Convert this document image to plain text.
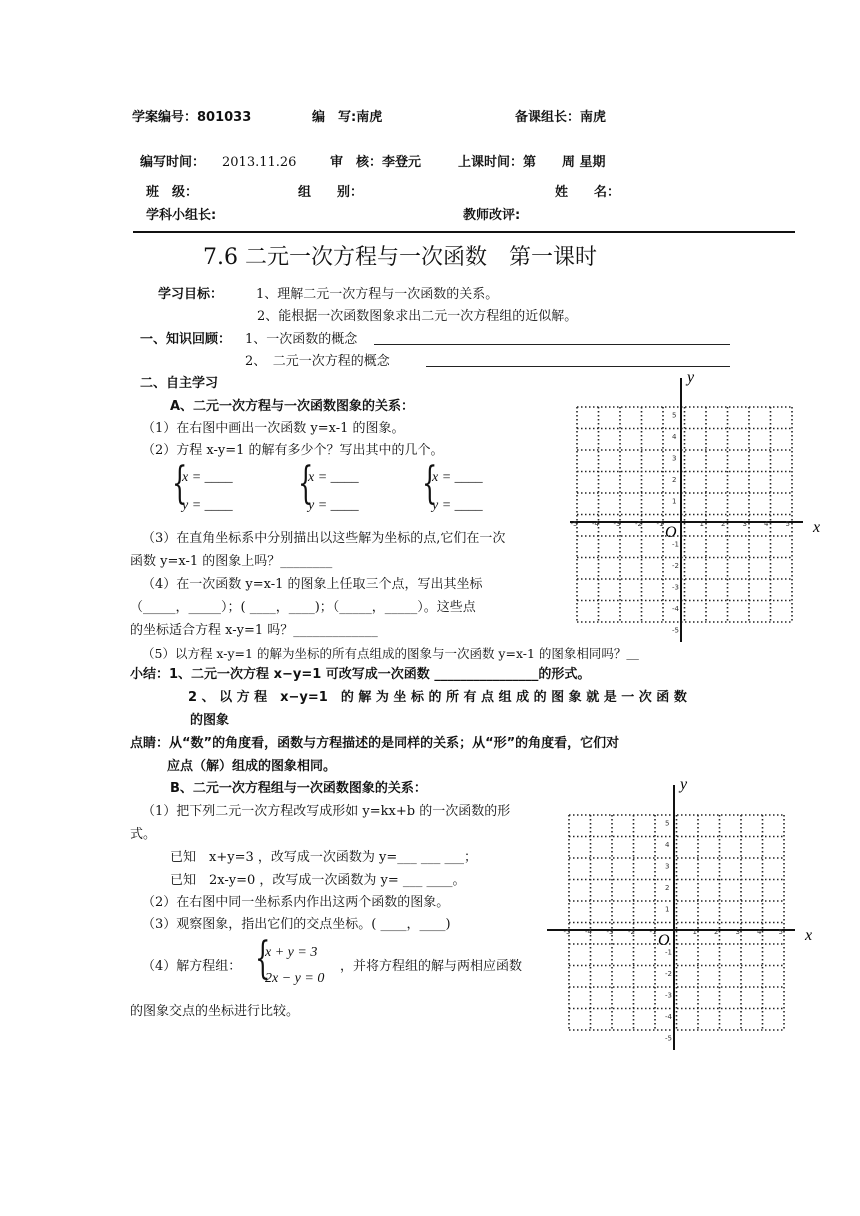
学案编号：801033	编　写:南虎	备课组长：南虎
编写时间： 2013.11.26	审　核：李登元	上课时间：第　　周 星期
班　级：	组　　别：	姓　　名：
学科小组长:	教师改评:
7.6 二元一次方程与一次函数　第一课时
学习目标：	1、理解二元一次方程与一次函数的关系。
2、能根据一次函数图象求出二元一次方程组的近似解。
一、知识回顾： 1、一次函数的概念
2、　二元一次方程的概念
二、自主学习
A、二元一次方程与一次函数图象的关系：
（1）在右图中画出一次函数 y=x-1 的图象。
（2）方程 x-y=1 的解有多少个？写出其中的几个。
{
x = ____
y = ____ {
x = ____
y = ____ {
x = ____
y = ____
（3）在直角坐标系中分别描出以这些解为坐标的点,它们在一次
函数 y=x-1 的图象上吗？________
（4）在一次函数 y=x-1 的图象上任取三个点，写出其坐标
（_____，_____）；( ____，____)；（_____，_____）。这些点
的坐标适合方程 x-y=1 吗？_____________
（5）以方程 x-y=1 的解为坐标的所有点组成的图象与一次函数 y=x-1 的图象相同吗？＿
小结：1、二元一次方程 x−y=1 可改写成一次函数 ________________的形式。
2 、 以 方 程　x−y=1　的 解 为 坐 标 的 所 有 点 组 成 的 图 象 就 是 一 次 函 数
的图象
点睛：从“数”的角度看，函数与方程描述的是同样的关系；从“形”的角度看，它们对
应点（解）组成的图象相同。
B、二元一次方程组与一次函数图象的关系：
（1）把下列二元一次方程改写成形如 y=kx+b 的一次函数的形
式。
已知　x+y=3 ，改写成一次函数为 y=___ ___ ___；
已知　2x-y=0 ，改写成一次函数为 y= ___ ____。
（2）在右图中同一坐标系内作出这两个函数的图象。
（3）观察图象，指出它们的交点坐标。( ____，____)
（4）解方程组： {
x + y = 3
2x − y = 0
，并将方程组的解与两相应函数
的图象交点的坐标进行比较。
-5 -4 -3 -2 -1	1 2 3 4 5
5
4
3
2
1
-1
-2
-3
-4
-5
x
y
O
-5 -4 -3 -2 -1	1 2 3 4 5
5
4
3
2
1
-1
-2
-3
-4
-5
x
y
O
